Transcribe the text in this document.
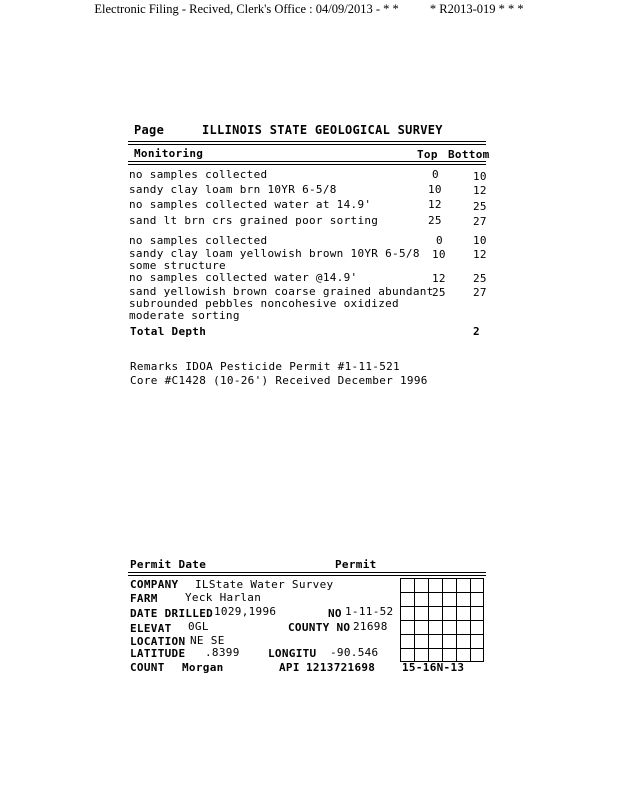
Electronic Filing - Recived, Clerk's Office : 04/09/2013 - * * * R2013-019 * * *
Page	ILLINOIS STATE GEOLOGICAL SURVEY
Monitoring	Top Bottom
no samples collected	0	10
sandy clay loam brn 10YR 6-5/8	10	12
no samples collected water at 14.9'	12	25
sand lt brn crs grained poor sorting	25	27
no samples collected	0	10
sandy clay loam yellowish brown 10YR 6-5/8
some structure
10 12
no samples collected water @14.9'	12 25
sand yellowish brown coarse grained abundant
subrounded pebbles noncohesive oxidized
moderate sorting
25 27
Total Depth	2
Remarks IDOA Pesticide Permit #1-11-521
Core #C1428 (10-26') Received December 1996
Permit Date	Permit
COMPANY ILState Water Survey
FARM Yeck Harlan
DATE DRILLED 1029,1996	NO 1-11-52
ELEVAT 0GL	COUNTY NO 21698
LOCATION NE SE
LATITUDE .8399	LONGITU -90.546
COUNT Morgan	API 1213721698 15-16N-13
